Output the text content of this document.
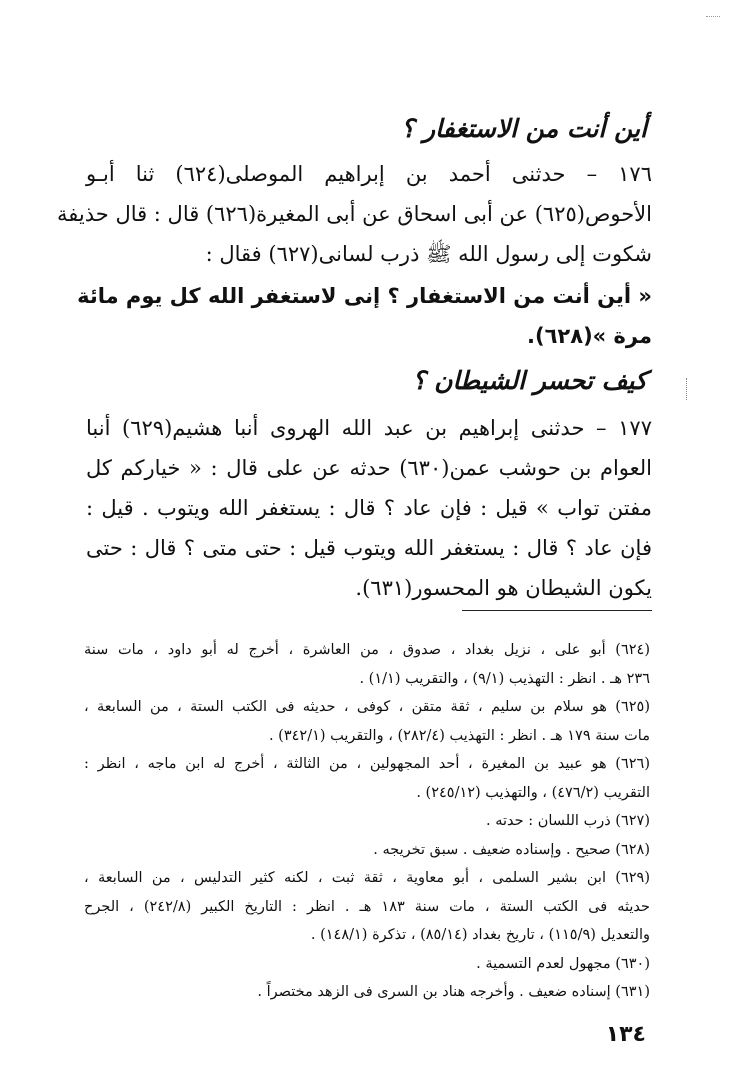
أين أنت من الاستغفار ؟
١٧٦ – حدثنى أحمد بن إبراهيم الموصلى(٦٢٤) ثنا أبـو
الأحوص(٦٢٥) عن أبى اسحاق عن أبى المغيرة(٦٢٦) قال : قال حذيفة
شكوت إلى رسول الله ﷺ ذرب لسانى(٦٢٧) فقال :
« أين أنت من الاستغفار ؟ إنى لاستغفر الله كل يوم مائة
مرة »(٦٢٨).
كيف تحسر الشيطان ؟
١٧٧ – حدثنى إبراهيم بن عبد الله الهروى أنبا هشيم(٦٢٩) أنبا
العوام بن حوشب عمن(٦٣٠) حدثه عن على قال : « خياركم كل
مفتن تواب » قيل : فإن عاد ؟ قال : يستغفر الله ويتوب . قيل :
فإن عاد ؟ قال : يستغفر الله ويتوب قيل : حتى متى ؟ قال : حتى
يكون الشيطان هو المحسور(٦٣١).
(٦٢٤) أبو على ، نزيل بغداد ، صدوق ، من العاشرة ، أخرج له أبو داود ، مات سنة
٢٣٦ هـ . انظر : التهذيب (٩/١) ، والتقريب (١/١) .
(٦٢٥) هو سلام بن سليم ، ثقة متقن ، كوفى ، حديثه فى الكتب الستة ، من السابعة ،
مات سنة ١٧٩ هـ . انظر : التهذيب (٢٨٢/٤) ، والتقريب (٣٤٢/١) .
(٦٢٦) هو عبيد بن المغيرة ، أحد المجهولين ، من الثالثة ، أخرج له ابن ماجه ، انظر :
التقريب (٤٧٦/٢) ، والتهذيب (٢٤٥/١٢) .
(٦٢٧) ذرب اللسان : حدته .
(٦٢٨) صحيح . وإسناده ضعيف . سبق تخريجه .
(٦٢٩) ابن بشير السلمى ، أبو معاوية ، ثقة ثبت ، لكنه كثير التدليس ، من السابعة ،
حديثه فى الكتب الستة ، مات سنة ١٨٣ هـ . انظر : التاريخ الكبير (٢٤٢/٨) ، الجرح
والتعديل (١١٥/٩) ، تاريخ بغداد (٨٥/١٤) ، تذكرة (١٤٨/١) .
(٦٣٠) مجهول لعدم التسمية .
(٦٣١) إسناده ضعيف . وأخرجه هناد بن السرى فى الزهد مختصراً .
١٣٤
